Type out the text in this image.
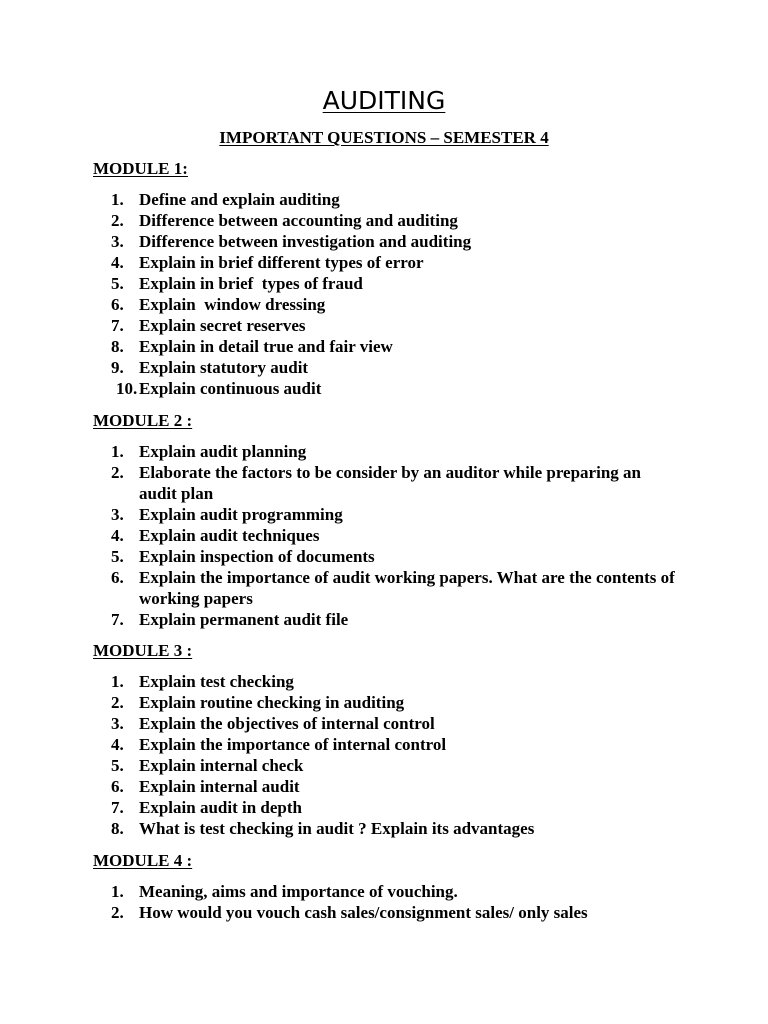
AUDITING
IMPORTANT QUESTIONS – SEMESTER 4
MODULE 1:
1. Define and explain auditing
2. Difference between accounting and auditing
3. Difference between investigation and auditing
4. Explain in brief different types of error
5. Explain in brief  types of fraud
6. Explain  window dressing
7. Explain secret reserves
8. Explain in detail true and fair view
9. Explain statutory audit
10. Explain continuous audit
MODULE 2 :
1. Explain audit planning
2. Elaborate the factors to be consider by an auditor while preparing an audit plan
3. Explain audit programming
4. Explain audit techniques
5. Explain inspection of documents
6. Explain the importance of audit working papers. What are the contents of working papers
7. Explain permanent audit file
MODULE 3 :
1. Explain test checking
2. Explain routine checking in auditing
3. Explain the objectives of internal control
4. Explain the importance of internal control
5. Explain internal check
6. Explain internal audit
7. Explain audit in depth
8. What is test checking in audit ? Explain its advantages
MODULE 4 :
1. Meaning, aims and importance of vouching.
2. How would you vouch cash sales/consignment sales/ only sales
